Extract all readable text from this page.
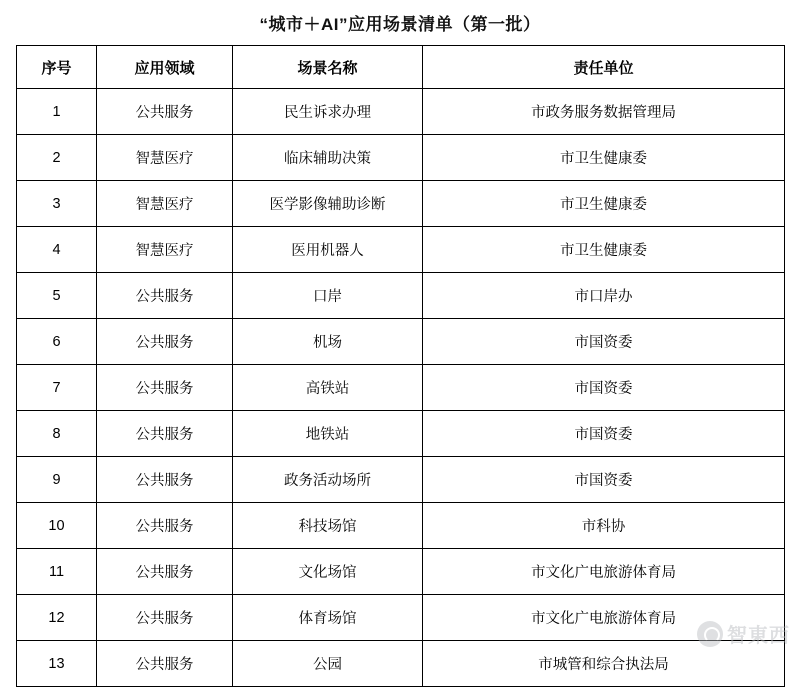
“城市＋AI”应用场景清单（第一批）
序号	应用领域	场景名称	责任单位
1	公共服务	民生诉求办理	市政务服务数据管理局
2	智慧医疗	临床辅助决策	市卫生健康委
3	智慧医疗	医学影像辅助诊断	市卫生健康委
4	智慧医疗	医用机器人	市卫生健康委
5	公共服务	口岸	市口岸办
6	公共服务	机场	市国资委
7	公共服务	高铁站	市国资委
8	公共服务	地铁站	市国资委
9	公共服务	政务活动场所	市国资委
10	公共服务	科技场馆	市科协
11	公共服务	文化场馆	市文化广电旅游体育局
12	公共服务	体育场馆	市文化广电旅游体育局
13	公共服务	公园	市城管和综合执法局
智東西
